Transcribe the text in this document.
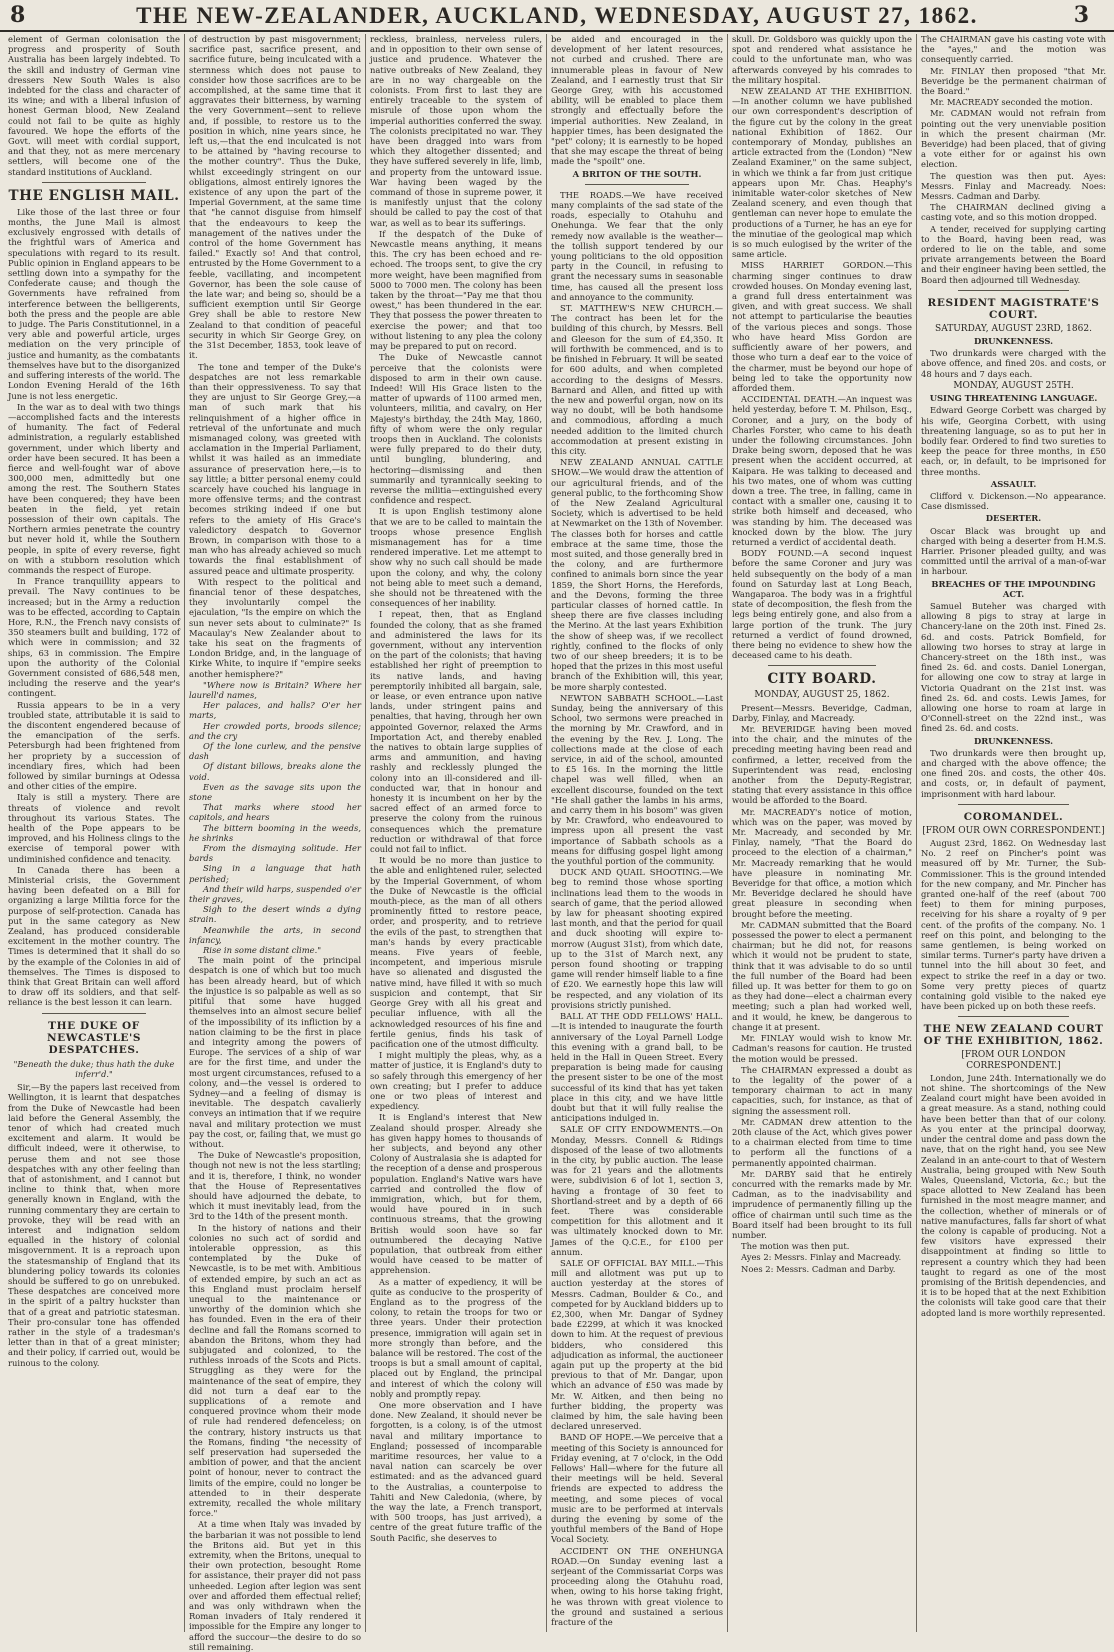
8	THE NEW-ZEALANDER, AUCKLAND, WEDNESDAY, AUGUST 27, 1862.	3

element of German colonisation the progress and prosperity of South Australia has been largely indebted. To the skill and industry of German vine dressers New South Wales is also indebted for the class and character of its wine; and with a liberal infusion of honest German blood, New Zealand could not fail to be quite as highly favoured. We hope the efforts of the Govt. will meet with cordial support, and that they, not as mere mercenary settlers, will become one of the standard institutions of Auckland.

THE ENGLISH MAIL.

Like those of the last three or four months, the June Mail is almost exclusively engrossed with details of the frightful wars of America and speculations with regard to its result. Public opinion in England appears to be settling down into a sympathy for the Confederate cause; and though the Governments have refrained from interference between the belligerents, both the press and the people are able to judge. The Paris Constitutionnel, in a very able and powerful article, urges mediation on the very principle of justice and humanity, as the combatants themselves have but to the disorganized and suffering interests of the world. The London Evening Herald of the 16th June is not less energetic.

In the war as to deal with two things—accomplished facts and the interests of humanity. The fact of Federal administration, a regularly established government, under which liberty and order have been secured. It has been a fierce and well-fought war of above 300,000 men, admittedly but one among the rest. The Southern States have been conquered; they have been beaten in the field, yet retain possession of their own capitals. The Northern armies penetrate the country but never hold it, while the Southern people, in spite of every reverse, fight on with a stubborn resolution which commands the respect of Europe.

In France tranquillity appears to prevail. The Navy continues to be increased; but in the Army a reduction was to be effected, according to Captain Hore, R.N., the French navy consists of 350 steamers built and building, 172 of which were in commission; and 32 ships, 63 in commission. The Empire upon the authority of the Colonial Government consisted of 686,548 men, including the reserve and the year's contingent.

Russia appears to be in a very troubled state, attributable it is said to the discontent engendered because of the emancipation of the serfs. Petersburgh had been frightened from her propriety by a succession of incendiary fires, which had been followed by similar burnings at Odessa and other cities of the empire.

Italy is still a mystery. There are threats of violence and revolt throughout its various States. The health of the Pope appears to be improved, and his Holiness clings to the exercise of temporal power with undiminished confidence and tenacity.

In Canada there has been a Ministerial crisis, the Government having been defeated on a Bill for organizing a large Militia force for the purpose of self-protection. Canada has put in the same category as New Zealand, has produced considerable excitement in the mother country. The Times is determined that it shall do so by the example of the Colonies in aid of themselves. The Times is disposed to think that Great Britain can well afford to draw off its soldiers, and that self-reliance is the best lesson it can learn.

THE DUKE OF NEWCASTLE'S DESPATCHES.
"Beneath the duke; thus hath the duke inferr'd."

Sir,—By the papers last received from Wellington, it is learnt that despatches from the Duke of Newcastle had been laid before the General Assembly, the tenor of which had created much excitement and alarm. It would be difficult indeed, were it otherwise, to peruse them and not see those despatches with any other feeling than that of astonishment, and I cannot but incline to think that, when more generally known in England, with the running commentary they are certain to provoke, they will be read with an interest and indignation seldom equalled in the history of colonial misgovernment. It is a reproach upon the statesmanship of England that its blundering policy towards its colonies should be suffered to go on unrebuked. These despatches are conceived more in the spirit of a paltry huckster than that of a great and patriotic statesman. Their pro-consular tone has offended rather in the style of a tradesman's letter than in that of a great minister; and their policy, if carried out, would be ruinous to the colony.

of destruction by past misgovernment; sacrifice past, sacrifice present, and sacrifice future, being inculcated with a sternness which does not pause to consider how those sacrifices are to be accomplished, at the same time that it aggravates their bitterness, by warning the very Government—sent to relieve and, if possible, to restore us to the position in which, nine years since, he left us,—that the end inculcated is not to be attained by "having recourse to the mother country". Thus the Duke, whilst exceedingly stringent on our obligations, almost entirely ignores the existence of any upon the part of the Imperial Government, at the same time that "he cannot disguise from himself that the endeavours to keep the management of the natives under the control of the home Government has failed." Exactly so! And that control, entrusted by the Home Government to a feeble, vacillating, and incompetent Governor, has been the sole cause of the late war; and being so, should be a sufficient exemption until Sir George Grey shall be able to restore New Zealand to that condition of peaceful security in which Sir George Grey, on the 31st December, 1853, took leave of it.

The tone and temper of the Duke's despatches are not less remarkable than their oppressiveness. To say that they are unjust to Sir George Grey,—a man of such mark that his relinquishment of a higher office in retrieval of the unfortunate and much mismanaged colony, was greeted with acclamation in the Imperial Parliament, whilst it was hailed as an immediate assurance of preservation here,—is to say little; a bitter personal enemy could scarcely have couched his language in more offensive terms; and the contrast becomes striking indeed if one but refers to the amiety of His Grace's valedictory despatch to Governor Brown, in comparison with those to a man who has already achieved so much towards the final establishment of assured peace and ultimate prosperity.

With respect to the political and financial tenor of these despatches, they involuntarily compel the ejaculation, "Is the empire on which the sun never sets about to culminate?" Is Macaulay's New Zealander about to take his seat on the fragments of London Bridge, and, in the language of Kirke White, to inquire if "empire seeks another hemisphere?"

"Where now is Britain? Where her laurell'd names,

Her palaces, and halls? O'er her marts,

Her crowded ports, broods silence; and the cry

Of the lone curlew, and the pensive dash

Of distant billows, breaks alone the void.

Even as the savage sits upon the stone

That marks where stood her capitols, and hears

The bittern booming in the weeds, he shrinks

From the dismaying solitude. Her bards

Sing in a language that hath perished;

And their wild harps, suspended o'er their graves,

Sigh to the desert winds a dying strain.

Meanwhile the arts, in second infancy,

Rise in some distant clime."

The main point of the principal despatch is one of which but too much has been already heard, but of which the injustice is so palpable as well as so pitiful that some have hugged themselves into an almost secure belief of the impossibility of its infliction by a nation claiming to be the first in place and integrity among the powers of Europe. The services of a ship of war are for the first time, and under the most urgent circumstances, refused to a colony, and—the vessel is ordered to Sydney—and a feeling of dismay is inevitable. The despatch cavalierly conveys an intimation that if we require naval and military protection we must pay the cost, or, failing that, we must go without.

The Duke of Newcastle's proposition, though not new is not the less startling; and it is, therefore, I think, no wonder that the House of Representatives should have adjourned the debate, to which it must inevitably lead, from the 3rd to the 14th of the present month.

In the history of nations and their colonies no such act of sordid and intolerable oppression, as this contemplated by the Duke of Newcastle, is to be met with. Ambitious of extended empire, by such an act as this England must proclaim herself unequal to the maintenance or unworthy of the dominion which she has founded. Even in the era of their decline and fall the Romans scorned to abandon the Britons, whom they had subjugated and colonized, to the ruthless inroads of the Scots and Picts. Struggling as they were for the maintenance of the seat of empire, they did not turn a deaf ear to the supplications of a remote and conquered province whom their mode of rule had rendered defenceless; on the contrary, history instructs us that the Romans, finding "the necessity of self preservation had superseded the ambition of power, and that the ancient point of honour, never to contract the limits of the empire, could no longer be attended to in their desperate extremity, recalled the whole military force."

At a time when Italy was invaded by the barbarian it was not possible to lend the Britons aid. But yet in this extremity, when the Britons, unequal to their own protection, besought Rome for assistance, their prayer did not pass unheeded. Legion after legion was sent over and afforded them effectual relief; and was only withdrawn when the Roman invaders of Italy rendered it impossible for the Empire any longer to afford the succour—the desire to do so still remaining.

reckless, brainless, nerveless rulers, and in opposition to their own sense of justice and prudence. Whatever the native outbreaks of New Zealand, they are in no way chargeable on the colonists. From first to last they are entirely traceable to the system of misrule of those upon whom the imperial authorities conferred the sway. The colonists precipitated no war. They have been dragged into wars from which they altogether dissented; and they have suffered severely in life, limb, and property from the untoward issue. War having been waged by the command of those in supreme power, it is manifestly unjust that the colony should be called to pay the cost of that war, as well as to bear its sufferings.

If the despatch of the Duke of Newcastle means anything, it means this. The cry has been echoed and re-echoed. The troops sent, to give the cry more weight, have been magnified from 5000 to 7000 men. The colony has been taken by the throat—"Pay me that thou owest," has been thundered in the ear. They that possess the power threaten to exercise the power; and that too without listening to any plea the colony may be prepared to put on record.

The Duke of Newcastle cannot perceive that the colonists were disposed to arm in their own cause. Indeed! Will His Grace listen to the matter of upwards of 1100 armed men, volunteers, militia, and cavalry, on Her Majesty's birthday, the 24th May, 1860, fifty of whom were the only regular troops then in Auckland. The colonists were fully prepared to do their duty, until bungling, blundering, and hectoring—dismissing and then summarily and tyrannically seeking to reverse the militia—extinguished every confidence and respect.

It is upon English testimony alone that we are to be called to maintain the troops whose presence English mismanagement has for a time rendered imperative. Let me attempt to show why no such call should be made upon the colony, and why, the colony not being able to meet such a demand, she should not be threatened with the consequences of her inability.

I repeat, then, that as England founded the colony, that as she framed and administered the laws for its government, without any intervention on the part of the colonists; that having established her right of preemption to its native lands, and having peremptorily inhibited all bargain, sale, or lease, or even entrance upon native lands, under stringent pains and penalties, that having, through her own appointed Governor, relaxed the Arms Importation Act, and thereby enabled the natives to obtain large supplies of arms and ammunition, and having rashly and recklessly plunged the colony into an ill-considered and ill-conducted war, that in honour and honesty it is incumbent on her by the sacred effect of an armed force to preserve the colony from the ruinous consequences which the premature reduction or withdrawal of that force could not fail to inflict.

It would be no more than justice to the able and enlightened ruler, selected by the Imperial Government, of whom the Duke of Newcastle is the official mouth-piece, as the man of all others prominently fitted to restore peace, order, and prosperity, and to retrieve the evils of the past, to strengthen that man's hands by every practicable means. Five years of feeble, incompetent, and imperious misrule have so alienated and disgusted the native mind, have filled it with so much suspicion and contempt, that Sir George Grey with all his great and peculiar influence, with all the acknowledged resources of his fine and fertile genius, finds his task of pacification one of the utmost difficulty.

I might multiply the pleas, why, as a matter of justice, it is England's duty to so safely through this emergency of her own creating; but I prefer to adduce one or two pleas of interest and expediency.

It is England's interest that New Zealand should prosper. Already she has given happy homes to thousands of her subjects, and beyond any other Colony of Australasia she is adapted for the reception of a dense and prosperous population. England's Native wars have carried and controlled the flow of immigration, which, but for them, would have poured in in such continuous streams, that the growing British would soon have so far outnumbered the decaying Native population, that outbreak from either would have ceased to be matter of apprehension.

As a matter of expediency, it will be quite as conducive to the prosperity of England as to the progress of the colony, to retain the troops for two or three years. Under their protection presence, immigration will again set in more strongly than before, and the balance will be restored. The cost of the troops is but a small amount of capital, placed out by England, the principal and interest of which the colony will nobly and promptly repay.

One more observation and I have done. New Zealand, it should never be forgotten, is a colony, is of the utmost naval and military importance to England; possessed of incomparable maritime resources, her value to a naval nation can scarcely be over estimated: and as the advanced guard to the Australias, a counterpoise to Tahiti and New Caledonia, (where, by the way the late, a French transport, with 500 troops, has just arrived), a centre of the great future traffic of the South Pacific, she deserves to

be aided and encouraged in the development of her latent resources, not curbed and crushed. There are innumerable pleas in favour of New Zealand, and I earnestly trust that Sir George Grey, with his accustomed ability, will be enabled to place them strongly and effectually before the imperial authorities. New Zealand, in happier times, has been designated the "pet" colony; it is earnestly to be hoped that she may escape the threat of being made the "spoilt" one.

A BRITON OF THE SOUTH.

THE ROADS.—We have received many complaints of the sad state of the roads, especially to Otahuhu and Onehunga. We fear that the only remedy now available is the weather—the tollish support tendered by our young politicians to the old opposition party in the Council, in refusing to grant the necessary sums in seasonable time, has caused all the present loss and annoyance to the community.

ST. MATTHEW'S NEW CHURCH.—The contract has been let for the building of this church, by Messrs. Bell and Gleeson for the sum of £4,350. It will forthwith be commenced, and is to be finished in February. It will be seated for 600 adults, and when completed according to the designs of Messrs. Barnard and Allen, and fitted up with the new and powerful organ, now on its way no doubt, will be both handsome and commodious, affording a much needed addition to the limited church accommodation at present existing in this city.

NEW ZEALAND ANNUAL CATTLE SHOW.—We would draw the attention of our agricultural friends, and of the general public, to the forthcoming Show of the New Zealand Agricultural Society, which is advertised to be held at Newmarket on the 13th of November. The classes both for horses and cattle embrace at the same time, those the most suited, and those generally bred in the colony, and are furthermore confined to animals born since the year 1859, the Short Horns, the Herefords, and the Devons, forming the three particular classes of horned cattle. In sheep there are five classes including the Merino. At the last years Exhibition the show of sheep was, if we recollect rightly, confined to the flocks of only two of our sheep breeders; it is to be hoped that the prizes in this most useful branch of the Exhibition will, this year, be more sharply contested.

NEWTON SABBATH SCHOOL.—Last Sunday, being the anniversary of this School, two sermons were preached in the morning by Mr. Crawford, and in the evening by the Rev. J. Long. The collections made at the close of each service, in aid of the school, amounted to £5 16s. In the morning the little chapel was well filled, when an excellent discourse, founded on the text "He shall gather the lambs in his arms, and carry them in his bosom" was given by Mr. Crawford, who endeavoured to impress upon all present the vast importance of Sabbath schools as a means for diffusing gospel light among the youthful portion of the community.

DUCK AND QUAIL SHOOTING.—We beg to remind those whose sporting inclinations lead them to the woods in search of game, that the period allowed by law for pheasant shooting expired last month, and that the period for quail and duck shooting will expire to-morrow (August 31st), from which date, up to the 31st of March next, any person found shooting or trapping game will render himself liable to a fine of £20. We earnestly hope this law will be respected, and any violation of its provisions strictly punished.

BALL AT THE ODD FELLOWS' HALL.—It is intended to inaugurate the fourth anniversary of the Loyal Parnell Lodge this evening with a grand ball, to be held in the Hall in Queen Street. Every preparation is being made for causing the present sister to be one of the most successful of its kind that has yet taken place in this city, and we have little doubt but that it will fully realise the anticipations indulged in.

SALE OF CITY ENDOWMENTS.—On Monday, Messrs. Connell & Ridings disposed of the lease of two allotments in the city, by public auction. The lease was for 21 years and the allotments were, subdivision 6 of lot 1, section 3, having a frontage of 30 feet to Shortland-street and by a depth of 66 feet. There was considerable competition for this allotment and it was ultimately knocked down to Mr. James of the Q.C.E., for £100 per annum.

SALE OF OFFICIAL BAY MILL.—This mill and allotment was put up to auction yesterday at the stores of Messrs. Cadman, Boulder & Co., and competed for by Auckland bidders up to £2,300, when Mr. Dangar of Sydney bade £2299, at which it was knocked down to him. At the request of previous bidders, who considered this adjudication as informal, the auctioneer again put up the property at the bid previous to that of Mr. Dangar, upon which an advance of £50 was made by Mr. W. Aitken, and then being no further bidding, the property was claimed by him, the sale having been declared unreserved.

BAND OF HOPE.—We perceive that a meeting of this Society is announced for Friday evening, at 7 o'clock, in the Odd Fellows' Hall—where for the future all their meetings will be held. Several friends are expected to address the meeting, and some pieces of vocal music are to be performed at intervals during the evening by some of the youthful members of the Band of Hope Vocal Society.

ACCIDENT ON THE ONEHUNGA ROAD.—On Sunday evening last a serjeant of the Commissariat Corps was proceeding along the Otahuhu road, when, owing to his horse taking fright, he was thrown with great violence to the ground and sustained a serious fracture of the

skull. Dr. Goldsboro was quickly upon the spot and rendered what assistance he could to the unfortunate man, who was afterwards conveyed by his comrades to the military hospital.

NEW ZEALAND AT THE EXHIBITION.—In another column we have published our own correspondent's description of the figure cut by the colony in the great national Exhibition of 1862. Our contemporary of Monday, publishes an article extracted from the (London) "New Zealand Examiner," on the same subject, in which we think a far from just critique appears upon Mr. Chas. Heaphy's inimitable water-color sketches of New Zealand scenery, and even though that gentleman can never hope to emulate the productions of a Turner, he has an eye for the minutiae of the geological map which is so much eulogised by the writer of the same article.

MISS HARRIET GORDON.—This charming singer continues to draw crowded houses. On Monday evening last, a grand full dress entertainment was given, and with great success. We shall not attempt to particularise the beauties of the various pieces and songs. Those who have heard Miss Gordon are sufficiently aware of her powers, and those who turn a deaf ear to the voice of the charmer, must be beyond our hope of being led to take the opportunity now afforded them.

ACCIDENTAL DEATH.—An inquest was held yesterday, before T. M. Philson, Esq., Coroner, and a jury, on the body of Charles Forster, who came to his death under the following circumstances. John Drake being sworn, deposed that he was present when the accident occurred, at Kaipara. He was talking to deceased and his two mates, one of whom was cutting down a tree. The tree, in falling, came in contact with a smaller one, causing it to strike both himself and deceased, who was standing by him. The deceased was knocked down by the blow. The jury returned a verdict of accidental death.

BODY FOUND.—A second inquest before the same Coroner and jury was held subsequently on the body of a man found on Saturday last at Long Beach, Wangaparoa. The body was in a frightful state of decomposition, the flesh from the legs being entirely gone, and also from a large portion of the trunk. The jury returned a verdict of found drowned, there being no evidence to shew how the deceased came to his death.

CITY BOARD.
MONDAY, AUGUST 25, 1862.

Present—Messrs. Beveridge, Cadman, Darby, Finlay, and Macready.

Mr. BEVERIDGE having been moved into the chair, and the minutes of the preceding meeting having been read and confirmed, a letter, received from the Superintendent was read, enclosing another from the Deputy-Registrar, stating that every assistance in this office would be afforded to the Board.

Mr. MACREADY's notice of motion, which was on the paper, was moved by Mr. Macready, and seconded by Mr. Finlay, namely, "That the Board do proceed to the election of a chairman," Mr. Macready remarking that he would have pleasure in nominating Mr. Beveridge for that office, a motion which Mr. Beveridge declared he should have great pleasure in seconding when brought before the meeting.

Mr. CADMAN submitted that the Board possessed the power to elect a permanent chairman; but he did not, for reasons which it would not be prudent to state, think that it was advisable to do so until the full number of the Board had been filled up. It was better for them to go on as they had done—elect a chairman every meeting; such a plan had worked well, and it would, he knew, be dangerous to change it at present.

Mr. FINLAY would wish to know Mr. Cadman's reasons for caution. He trusted the motion would be pressed.

The CHAIRMAN expressed a doubt as to the legality of the power of a temporary chairman to act in many capacities, such, for instance, as that of signing the assessment roll.

Mr. CADMAN drew attention to the 20th clause of the Act, which gives power to a chairman elected from time to time to perform all the functions of a permanently appointed chairman.

Mr. DARBY said that he entirely concurred with the remarks made by Mr. Cadman, as to the inadvisability and imprudence of permanently filling up the office of chairman until such time as the Board itself had been brought to its full number.

The motion was then put.

Ayes 2: Messrs. Finlay and Macready.

Noes 2: Messrs. Cadman and Darby.

The CHAIRMAN gave his casting vote with the "ayes," and the motion was consequently carried.

Mr. FINLAY then proposed "that Mr. Beveridge be the permanent chairman of the Board."

Mr. MACREADY seconded the motion.

Mr. CADMAN would not refrain from pointing out the very unenviable position in which the present chairman (Mr. Beveridge) had been placed, that of giving a vote either for or against his own election.

The question was then put. Ayes: Messrs. Finlay and Macready. Noes: Messrs. Cadman and Darby.

The CHAIRMAN declined giving a casting vote, and so this motion dropped.

A tender, received for supplying carting to the Board, having been read, was ordered to lie on the table, and some private arrangements between the Board and their engineer having been settled, the Board then adjourned till Wednesday.

RESIDENT MAGISTRATE'S COURT.
SATURDAY, AUGUST 23RD, 1862.
DRUNKENNESS.

Two drunkards were charged with the above offence, and fined 20s. and costs, or 48 hours and 7 days each.

MONDAY, AUGUST 25TH.
USING THREATENING LANGUAGE.

Edward George Corbett was charged by his wife, Georgina Corbett, with using threatening language, so as to put her in bodily fear. Ordered to find two sureties to keep the peace for three months, in £50 each, or, in default, to be imprisoned for three months.

ASSAULT.

Clifford v. Dickenson.—No appearance. Case dismissed.

DESERTER.

Oscar Black was brought up and charged with being a deserter from H.M.S. Harrier. Prisoner pleaded guilty, and was committed until the arrival of a man-of-war in harbour.

BREACHES OF THE IMPOUNDING ACT.

Samuel Buteher was charged with allowing 8 pigs to stray at large in Chancery-lane on the 20th inst. Fined 2s. 6d. and costs. Patrick Bomfield, for allowing two horses to stray at large in Chancery-street on the 18th inst., was fined 2s. 6d. and costs. Daniel Lonergan, for allowing one cow to stray at large in Victoria Quadrant on the 21st inst. was fined 2s. 6d. and costs. Lewis James, for allowing one horse to roam at large in O'Connell-street on the 22nd inst., was fined 2s. 6d. and costs.

DRUNKENNESS.

Two drunkards were then brought up, and charged with the above offence; the one fined 20s. and costs, the other 40s. and costs, or, in default of payment, imprisonment with hard labour.

COROMANDEL.
[FROM OUR OWN CORRESPONDENT.]

August 23rd, 1862. On Wednesday last No. 2 reef on Pincher's point was measured off by Mr. Turner, the Sub-Commissioner. This is the ground intended for the new company, and Mr. Pincher has granted one-half of the reef (about 700 feet) to them for mining purposes, receiving for his share a royalty of 9 per cent. of the profits of the company. No. 1 reef on this point, and belonging to the same gentlemen, is being worked on similar terms. Turner's party have driven a tunnel into the hill about 30 feet, and expect to strike the reef in a day or two. Some very pretty pieces of quartz containing gold visible to the naked eye have been picked up on both these reefs.

THE NEW ZEALAND COURT OF THE EXHIBITION, 1862.
[FROM OUR LONDON CORRESPONDENT.]

London, June 24th. Internationally we do not shine. The shortcomings of the New Zealand court might have been avoided in a great measure. As a stand, nothing could have been better than that of our colony. As you enter at the principal doorway, under the central dome and pass down the nave, that on the right hand, you see New Zealand in an ante-court to that of Western Australia, being grouped with New South Wales, Queensland, Victoria, &c.; but the space allotted to New Zealand has been furnished in the most meagre manner, and the collection, whether of minerals or of native manufactures, falls far short of what the colony is capable of producing. Not a few visitors have expressed their disappointment at finding so little to represent a country which they had been taught to regard as one of the most promising of the British dependencies, and it is to be hoped that at the next Exhibition the colonists will take good care that their adopted land is more worthily represented.
